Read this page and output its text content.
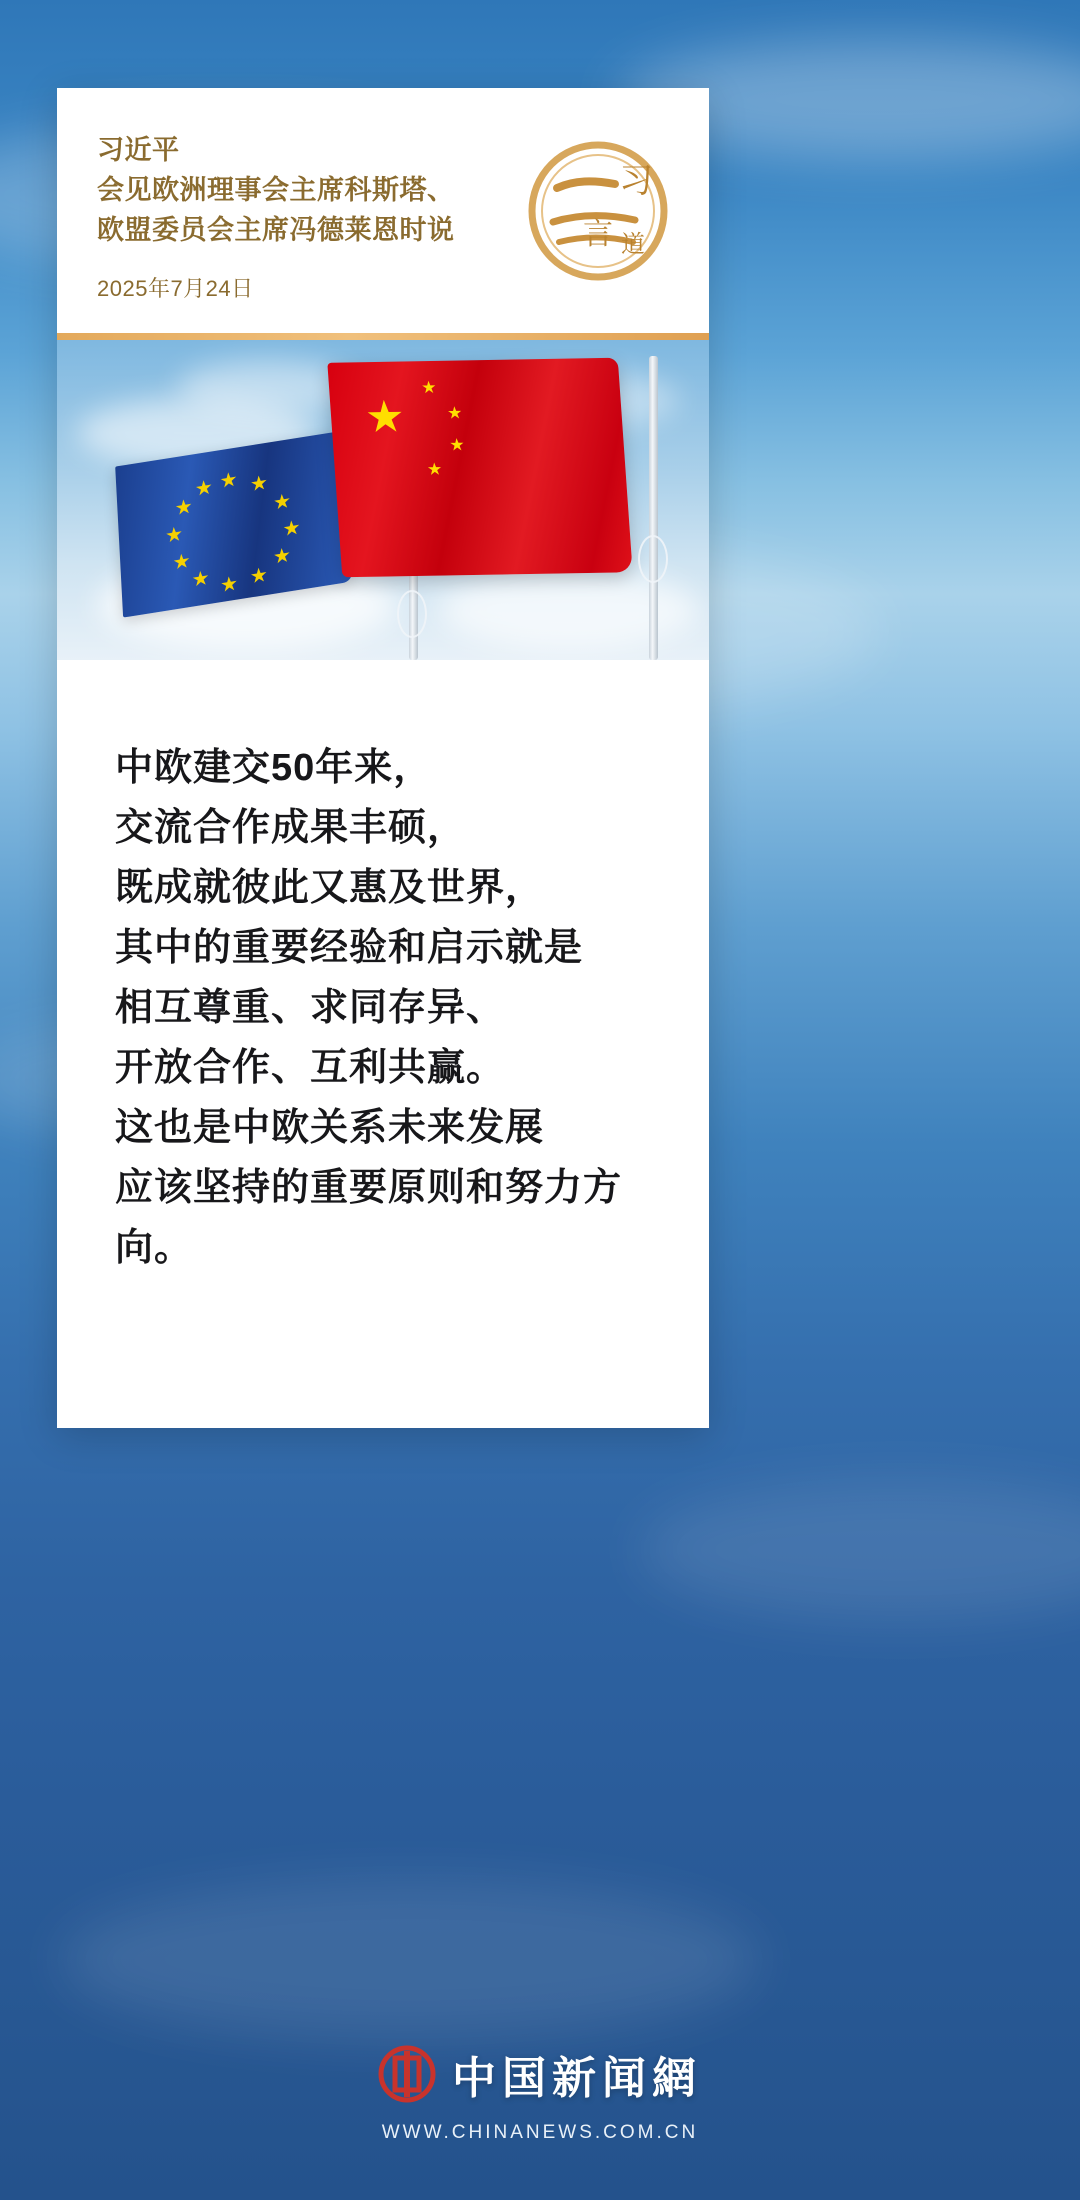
习近平
会见欧洲理事会主席科斯塔、
欧盟委员会主席冯德莱恩时说
2025年7月24日
习
言 道
★ ★
★
★
★
★
★
★
★
★
★
★
★
★
★
★
★

中欧建交50年来，

交流合作成果丰硕，

既成就彼此又惠及世界，

其中的重要经验和启示就是

相互尊重、求同存异、

开放合作、互利共赢。

这也是中欧关系未来发展

应该坚持的重要原则和努力方向。

中国新闻網
WWW.CHINANEWS.COM.CN
